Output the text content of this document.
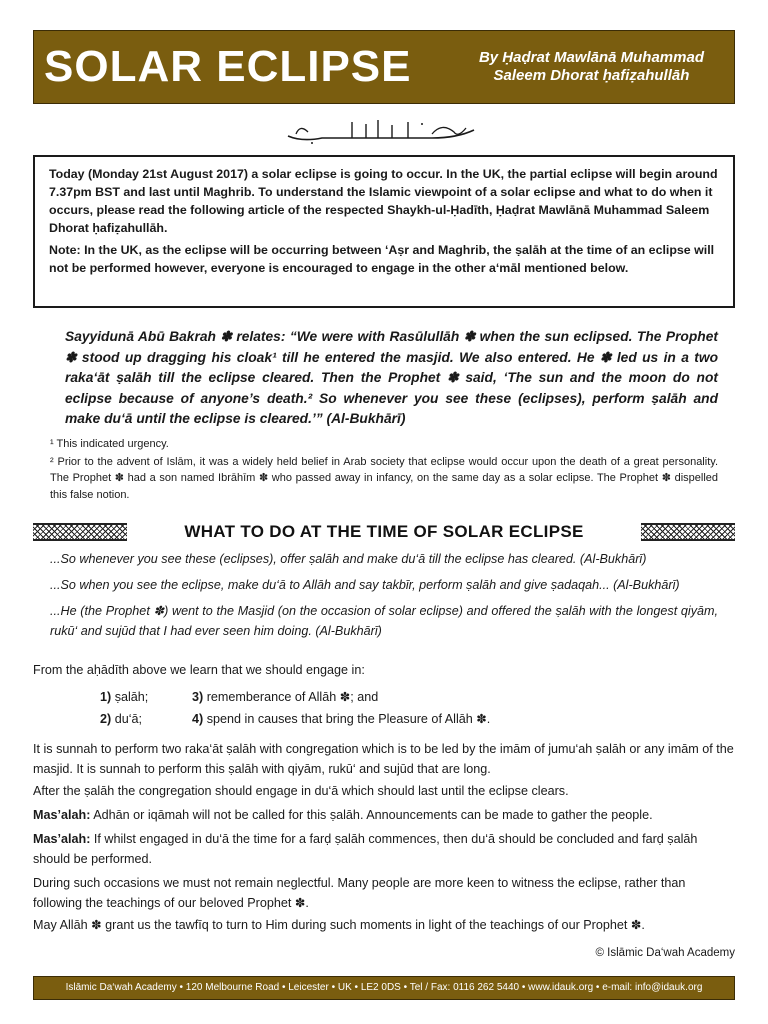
SOLAR ECLIPSE	By Ḥaḍrat Mawlānā Muhammad
Saleem Dhorat ḥafiẓahullāh

Today (Monday 21st August 2017) a solar eclipse is going to occur. In the UK, the partial eclipse will begin around 7.37pm BST and last until Maghrib. To understand the Islamic viewpoint of a solar eclipse and what to do when it occurs, please read the following article of the respected Shaykh-ul-Ḥadīth, Ḥaḍrat Mawlānā Muhammad Saleem Dhorat ḥafiẓahullāh.

Note: In the UK, as the eclipse will be occurring between ‘Aṣr and Maghrib, the ṣalāh at the time of an eclipse will not be performed however, everyone is encouraged to engage in the other a‘māl mentioned below.

Sayyidunā Abū Bakrah ✽ relates: “We were with Rasūlullāh ✽ when the sun eclipsed. The Prophet ✽ stood up dragging his cloak¹ till he entered the masjid. We also entered. He ✽ led us in a two raka‘āt ṣalāh till the eclipse cleared. Then the Prophet ✽ said, ‘The sun and the moon do not eclipse because of anyone’s death.² So whenever you see these (eclipses), perform ṣalāh and make du‘ā until the eclipse is cleared.’” (Al-Bukhārī)

¹ This indicated urgency.

² Prior to the advent of Islām, it was a widely held belief in Arab society that eclipse would occur upon the death of a great personality. The Prophet ✽ had a son named Ibrāhīm ✽ who passed away in infancy, on the same day as a solar eclipse. The Prophet ✽ dispelled this false notion.

WHAT TO DO AT THE TIME OF SOLAR ECLIPSE

...So whenever you see these (eclipses), offer ṣalāh and make du‘ā till the eclipse has cleared. (Al-Bukhārī)

...So when you see the eclipse, make du‘ā to Allāh and say takbīr, perform ṣalāh and give ṣadaqah... (Al-Bukhārī)

...He (the Prophet ✽) went to the Masjid (on the occasion of solar eclipse) and offered the ṣalāh with the longest qiyām, rukū‘ and sujūd that I had ever seen him doing. (Al-Bukhārī)

From the aḥādīth above we learn that we should engage in:

1) ṣalāh;	3) rememberance of Allāh ✽; and
2) du‘ā;	4) spend in causes that bring the Pleasure of Allāh ✽.

It is sunnah to perform two raka‘āt ṣalāh with congregation which is to be led by the imām of jumu‘ah ṣalāh or any imām of the masjid. It is sunnah to perform this ṣalāh with qiyām, rukū‘ and sujūd that are long.

After the ṣalāh the congregation should engage in du‘ā which should last until the eclipse clears.

Mas’alah: Adhān or iqāmah will not be called for this ṣalāh. Announcements can be made to gather the people.

Mas’alah: If whilst engaged in du‘ā the time for a farḍ ṣalāh commences, then du‘ā should be concluded and farḍ ṣalāh should be performed.

During such occasions we must not remain neglectful. Many people are more keen to witness the eclipse, rather than following the teachings of our beloved Prophet ✽.

May Allāh ✽ grant us the tawfīq to turn to Him during such moments in light of the teachings of our Prophet ✽.

© Islāmic Da‘wah Academy

Islāmic Da‘wah Academy • 120 Melbourne Road • Leicester • UK • LE2 0DS • Tel / Fax: 0116 262 5440 • www.idauk.org • e-mail: info@idauk.org
